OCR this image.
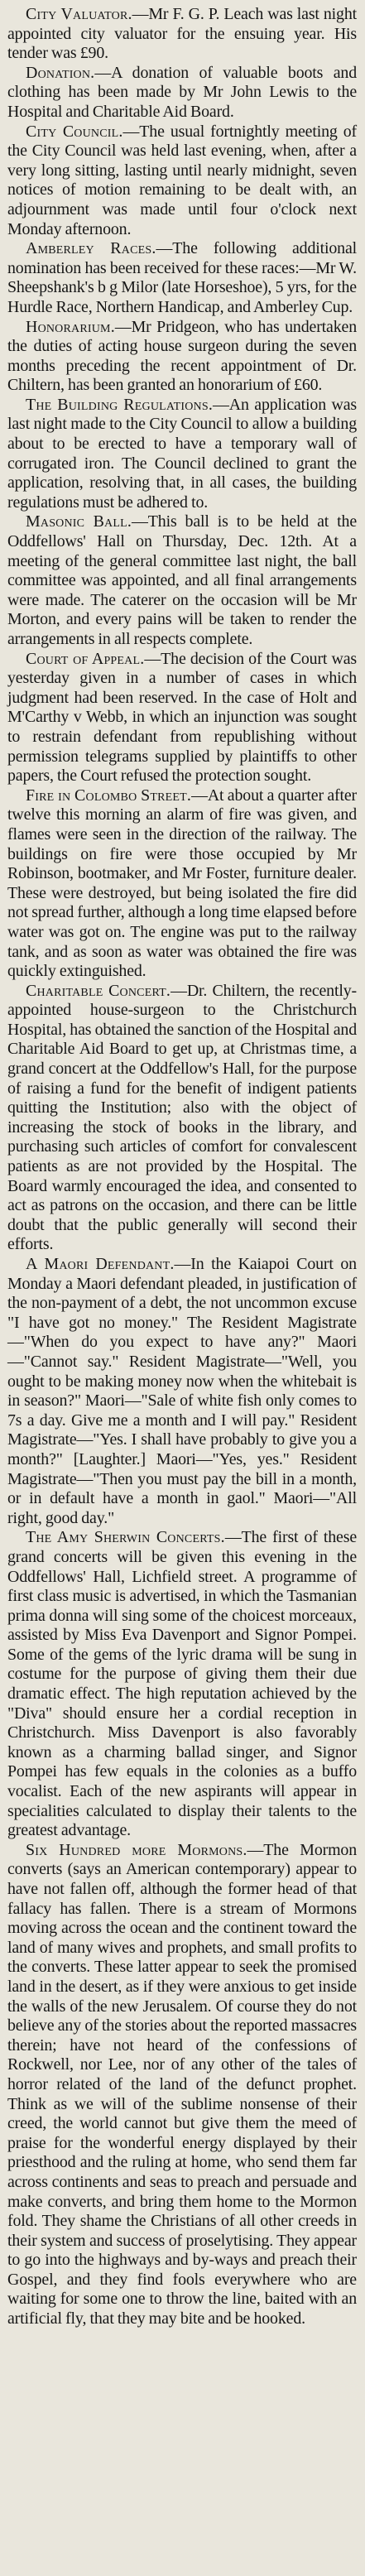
City Valuator.—Mr F. G. P. Leach was last night appointed city valuator for the ensuing year. His tender was £90.

Donation.—A donation of valuable boots and clothing has been made by Mr John Lewis to the Hospital and Charitable Aid Board.

City Council.—The usual fortnightly meeting of the City Council was held last evening, when, after a very long sitting, lasting until nearly midnight, seven notices of motion remaining to be dealt with, an adjournment was made until four o'clock next Monday afternoon.

Amberley Races.—The following additional nomination has been received for these races:—Mr W. Sheepshank's b g Milor (late Horseshoe), 5 yrs, for the Hurdle Race, Northern Handicap, and Amberley Cup.

Honorarium.—Mr Pridgeon, who has undertaken the duties of acting house surgeon during the seven months preceding the recent appointment of Dr. Chiltern, has been granted an honorarium of £60.

The Building Regulations.—An application was last night made to the City Council to allow a building about to be erected to have a temporary wall of corrugated iron. The Council declined to grant the application, resolving that, in all cases, the building regulations must be adhered to.

Masonic Ball.—This ball is to be held at the Oddfellows' Hall on Thursday, Dec. 12th. At a meeting of the general committee last night, the ball committee was appointed, and all final arrangements were made. The caterer on the occasion will be Mr Morton, and every pains will be taken to render the arrangements in all respects complete.

Court of Appeal.—The decision of the Court was yesterday given in a number of cases in which judgment had been reserved. In the case of Holt and M'Carthy v Webb, in which an injunction was sought to restrain defendant from republishing without permission telegrams supplied by plaintiffs to other papers, the Court refused the protection sought.

Fire in Colombo Street.—At about a quarter after twelve this morning an alarm of fire was given, and flames were seen in the direction of the railway. The buildings on fire were those occupied by Mr Robinson, bootmaker, and Mr Foster, furniture dealer. These were destroyed, but being isolated the fire did not spread further, although a long time elapsed before water was got on. The engine was put to the railway tank, and as soon as water was obtained the fire was quickly extinguished.

Charitable Concert.—Dr. Chiltern, the recently-appointed house-surgeon to the Christchurch Hospital, has obtained the sanction of the Hospital and Charitable Aid Board to get up, at Christmas time, a grand concert at the Oddfellow's Hall, for the purpose of raising a fund for the benefit of indigent patients quitting the Institution; also with the object of increasing the stock of books in the library, and purchasing such articles of comfort for convalescent patients as are not provided by the Hospital. The Board warmly encouraged the idea, and consented to act as patrons on the occasion, and there can be little doubt that the public generally will second their efforts.

A Maori Defendant.—In the Kaiapoi Court on Monday a Maori defendant pleaded, in justification of the non-payment of a debt, the not uncommon excuse "I have got no money." The Resident Magistrate—"When do you expect to have any?" Maori—"Cannot say." Resident Magistrate—"Well, you ought to be making money now when the whitebait is in season?" Maori—"Sale of white fish only comes to 7s a day. Give me a month and I will pay." Resident Magistrate—"Yes. I shall have probably to give you a month?" [Laughter.] Maori—"Yes, yes." Resident Magistrate—"Then you must pay the bill in a month, or in default have a month in gaol." Maori—"All right, good day."

The Amy Sherwin Concerts.—The first of these grand concerts will be given this evening in the Oddfellows' Hall, Lichfield street. A programme of first class music is advertised, in which the Tasmanian prima donna will sing some of the choicest morceaux, assisted by Miss Eva Davenport and Signor Pompei. Some of the gems of the lyric drama will be sung in costume for the purpose of giving them their due dramatic effect. The high reputation achieved by the "Diva" should ensure her a cordial reception in Christchurch. Miss Davenport is also favorably known as a charming ballad singer, and Signor Pompei has few equals in the colonies as a buffo vocalist. Each of the new aspirants will appear in specialities calculated to display their talents to the greatest advantage.

Six Hundred more Mormons.—The Mormon converts (says an American contemporary) appear to have not fallen off, although the former head of that fallacy has fallen. There is a stream of Mormons moving across the ocean and the continent toward the land of many wives and prophets, and small profits to the converts. These latter appear to seek the promised land in the desert, as if they were anxious to get inside the walls of the new Jerusalem. Of course they do not believe any of the stories about the reported massacres therein; have not heard of the confessions of Rockwell, nor Lee, nor of any other of the tales of horror related of the land of the defunct prophet. Think as we will of the sublime nonsense of their creed, the world cannot but give them the meed of praise for the wonderful energy displayed by their priesthood and the ruling at home, who send them far across continents and seas to preach and persuade and make converts, and bring them home to the Mormon fold. They shame the Christians of all other creeds in their system and success of proselytising. They appear to go into the highways and by-ways and preach their Gospel, and they find fools everywhere who are waiting for some one to throw the line, baited with an artificial fly, that they may bite and be hooked.
